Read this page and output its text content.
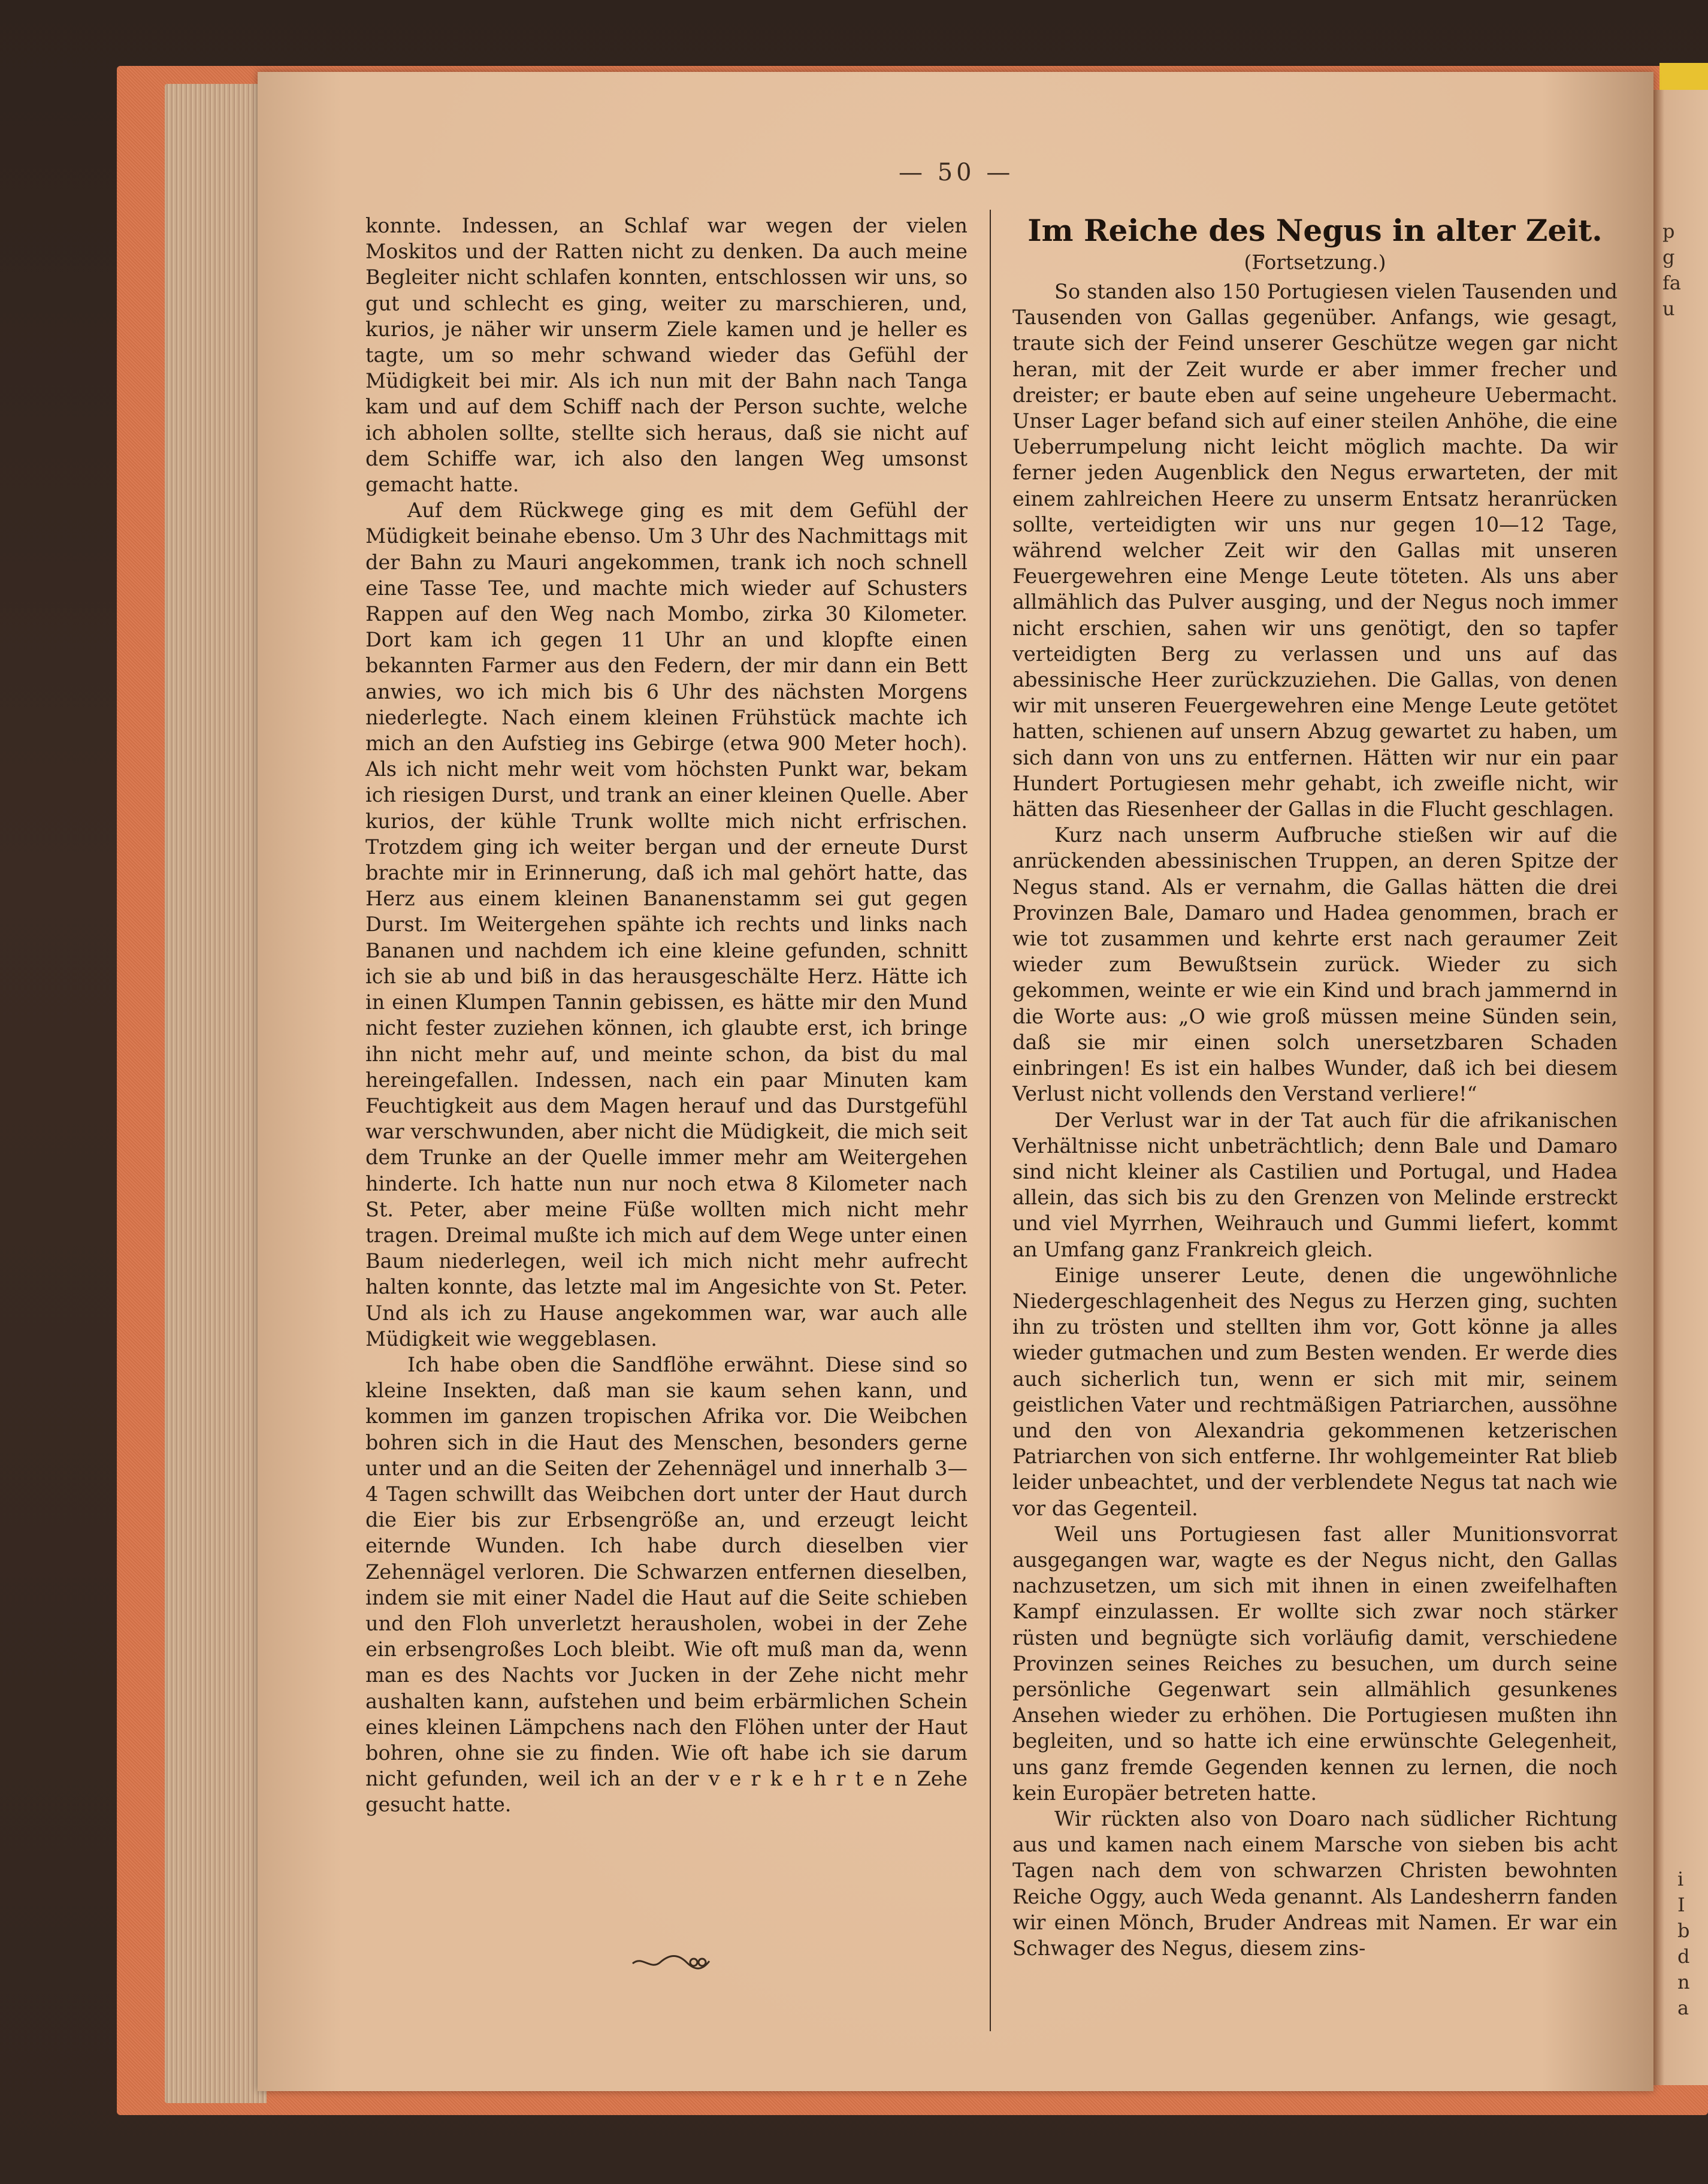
— 50 —

konnte. Indessen, an Schlaf war wegen der vielen Moskitos und der Ratten nicht zu denken. Da auch meine Begleiter nicht schlafen konnten, entschlossen wir uns, so gut und schlecht es ging, weiter zu marschieren, und, kurios, je näher wir unserm Ziele kamen und je heller es tagte, um so mehr schwand wieder das Gefühl der Müdigkeit bei mir. Als ich nun mit der Bahn nach Tanga kam und auf dem Schiff nach der Person suchte, welche ich abholen sollte, stellte sich heraus, daß sie nicht auf dem Schiffe war, ich also den langen Weg umsonst gemacht hatte.

Auf dem Rückwege ging es mit dem Gefühl der Müdigkeit beinahe ebenso. Um 3 Uhr des Nachmittags mit der Bahn zu Mauri angekommen, trank ich noch schnell eine Tasse Tee, und machte mich wieder auf Schusters Rappen auf den Weg nach Mombo, zirka 30 Kilometer. Dort kam ich gegen 11 Uhr an und klopfte einen bekannten Farmer aus den Federn, der mir dann ein Bett anwies, wo ich mich bis 6 Uhr des nächsten Morgens niederlegte. Nach einem kleinen Frühstück machte ich mich an den Aufstieg ins Gebirge (etwa 900 Meter hoch). Als ich nicht mehr weit vom höchsten Punkt war, bekam ich riesigen Durst, und trank an einer kleinen Quelle. Aber kurios, der kühle Trunk wollte mich nicht erfrischen. Trotzdem ging ich weiter bergan und der erneute Durst brachte mir in Erinnerung, daß ich mal gehört hatte, das Herz aus einem kleinen Bananenstamm sei gut gegen Durst. Im Weitergehen spähte ich rechts und links nach Bananen und nachdem ich eine kleine gefunden, schnitt ich sie ab und biß in das herausgeschälte Herz. Hätte ich in einen Klumpen Tannin gebissen, es hätte mir den Mund nicht fester zuziehen können, ich glaubte erst, ich bringe ihn nicht mehr auf, und meinte schon, da bist du mal hereingefallen. Indessen, nach ein paar Minuten kam Feuchtigkeit aus dem Magen herauf und das Durstgefühl war verschwunden, aber nicht die Müdigkeit, die mich seit dem Trunke an der Quelle immer mehr am Weitergehen hinderte. Ich hatte nun nur noch etwa 8 Kilometer nach St. Peter, aber meine Füße wollten mich nicht mehr tragen. Dreimal mußte ich mich auf dem Wege unter einen Baum niederlegen, weil ich mich nicht mehr aufrecht halten konnte, das letzte mal im Angesichte von St. Peter. Und als ich zu Hause angekommen war, war auch alle Müdigkeit wie weggeblasen.

Ich habe oben die Sandflöhe erwähnt. Diese sind so kleine Insekten, daß man sie kaum sehen kann, und kommen im ganzen tropischen Afrika vor. Die Weibchen bohren sich in die Haut des Menschen, besonders gerne unter und an die Seiten der Zehennägel und innerhalb 3—4 Tagen schwillt das Weibchen dort unter der Haut durch die Eier bis zur Erbsengröße an, und erzeugt leicht eiternde Wunden. Ich habe durch dieselben vier Zehennägel verloren. Die Schwarzen entfernen dieselben, indem sie mit einer Nadel die Haut auf die Seite schieben und den Floh unverletzt herausholen, wobei in der Zehe ein erbsengroßes Loch bleibt. Wie oft muß man da, wenn man es des Nachts vor Jucken in der Zehe nicht mehr aushalten kann, aufstehen und beim erbärmlichen Schein eines kleinen Lämpchens nach den Flöhen unter der Haut bohren, ohne sie zu finden. Wie oft habe ich sie darum nicht gefunden, weil ich an der v e r k e h r t e n Zehe gesucht hatte.

Im Reiche des Negus in alter Zeit.
(Fortsetzung.)

So standen also 150 Portugiesen vielen Tausenden und Tausenden von Gallas gegenüber. Anfangs, wie gesagt, traute sich der Feind unserer Geschütze wegen gar nicht heran, mit der Zeit wurde er aber immer frecher und dreister; er baute eben auf seine ungeheure Uebermacht. Unser Lager befand sich auf einer steilen Anhöhe, die eine Ueberrumpelung nicht leicht möglich machte. Da wir ferner jeden Augenblick den Negus erwarteten, der mit einem zahlreichen Heere zu unserm Entsatz heranrücken sollte, verteidigten wir uns nur gegen 10—12 Tage, während welcher Zeit wir den Gallas mit unseren Feuergewehren eine Menge Leute töteten. Als uns aber allmählich das Pulver ausging, und der Negus noch immer nicht erschien, sahen wir uns genötigt, den so tapfer verteidigten Berg zu verlassen und uns auf das abessinische Heer zurückzuziehen. Die Gallas, von denen wir mit unseren Feuergewehren eine Menge Leute getötet hatten, schienen auf unsern Abzug gewartet zu haben, um sich dann von uns zu entfernen. Hätten wir nur ein paar Hundert Portugiesen mehr gehabt, ich zweifle nicht, wir hätten das Riesenheer der Gallas in die Flucht geschlagen.

Kurz nach unserm Aufbruche stießen wir auf die anrückenden abessinischen Truppen, an deren Spitze der Negus stand. Als er vernahm, die Gallas hätten die drei Provinzen Bale, Damaro und Hadea genommen, brach er wie tot zusammen und kehrte erst nach geraumer Zeit wieder zum Bewußtsein zurück. Wieder zu sich gekommen, weinte er wie ein Kind und brach jammernd in die Worte aus: „O wie groß müssen meine Sünden sein, daß sie mir einen solch unersetzbaren Schaden einbringen! Es ist ein halbes Wunder, daß ich bei diesem Verlust nicht vollends den Verstand verliere!“

Der Verlust war in der Tat auch für die afrikanischen Verhältnisse nicht unbeträchtlich; denn Bale und Damaro sind nicht kleiner als Castilien und Portugal, und Hadea allein, das sich bis zu den Grenzen von Melinde erstreckt und viel Myrrhen, Weihrauch und Gummi liefert, kommt an Umfang ganz Frankreich gleich.

Einige unserer Leute, denen die ungewöhnliche Niedergeschlagenheit des Negus zu Herzen ging, suchten ihn zu trösten und stellten ihm vor, Gott könne ja alles wieder gutmachen und zum Besten wenden. Er werde dies auch sicherlich tun, wenn er sich mit mir, seinem geistlichen Vater und rechtmäßigen Patriarchen, aussöhne und den von Alexandria gekommenen ketzerischen Patriarchen von sich entferne. Ihr wohlgemeinter Rat blieb leider unbeachtet, und der verblendete Negus tat nach wie vor das Gegenteil.

Weil uns Portugiesen fast aller Munitionsvorrat ausgegangen war, wagte es der Negus nicht, den Gallas nachzusetzen, um sich mit ihnen in einen zweifelhaften Kampf einzulassen. Er wollte sich zwar noch stärker rüsten und begnügte sich vorläufig damit, verschiedene Provinzen seines Reiches zu besuchen, um durch seine persönliche Gegenwart sein allmählich gesunkenes Ansehen wieder zu erhöhen. Die Portugiesen mußten ihn begleiten, und so hatte ich eine erwünschte Gelegenheit, uns ganz fremde Gegenden kennen zu lernen, die noch kein Europäer betreten hatte.

Wir rückten also von Doaro nach südlicher Richtung aus und kamen nach einem Marsche von sieben bis acht Tagen nach dem von schwarzen Christen bewohnten Reiche Oggy, auch Weda genannt. Als Landesherrn fanden wir einen Mönch, Bruder Andreas mit Namen. Er war ein Schwager des Negus, diesem zins-

p
g
fa
u
i
I
b
d
n
a
